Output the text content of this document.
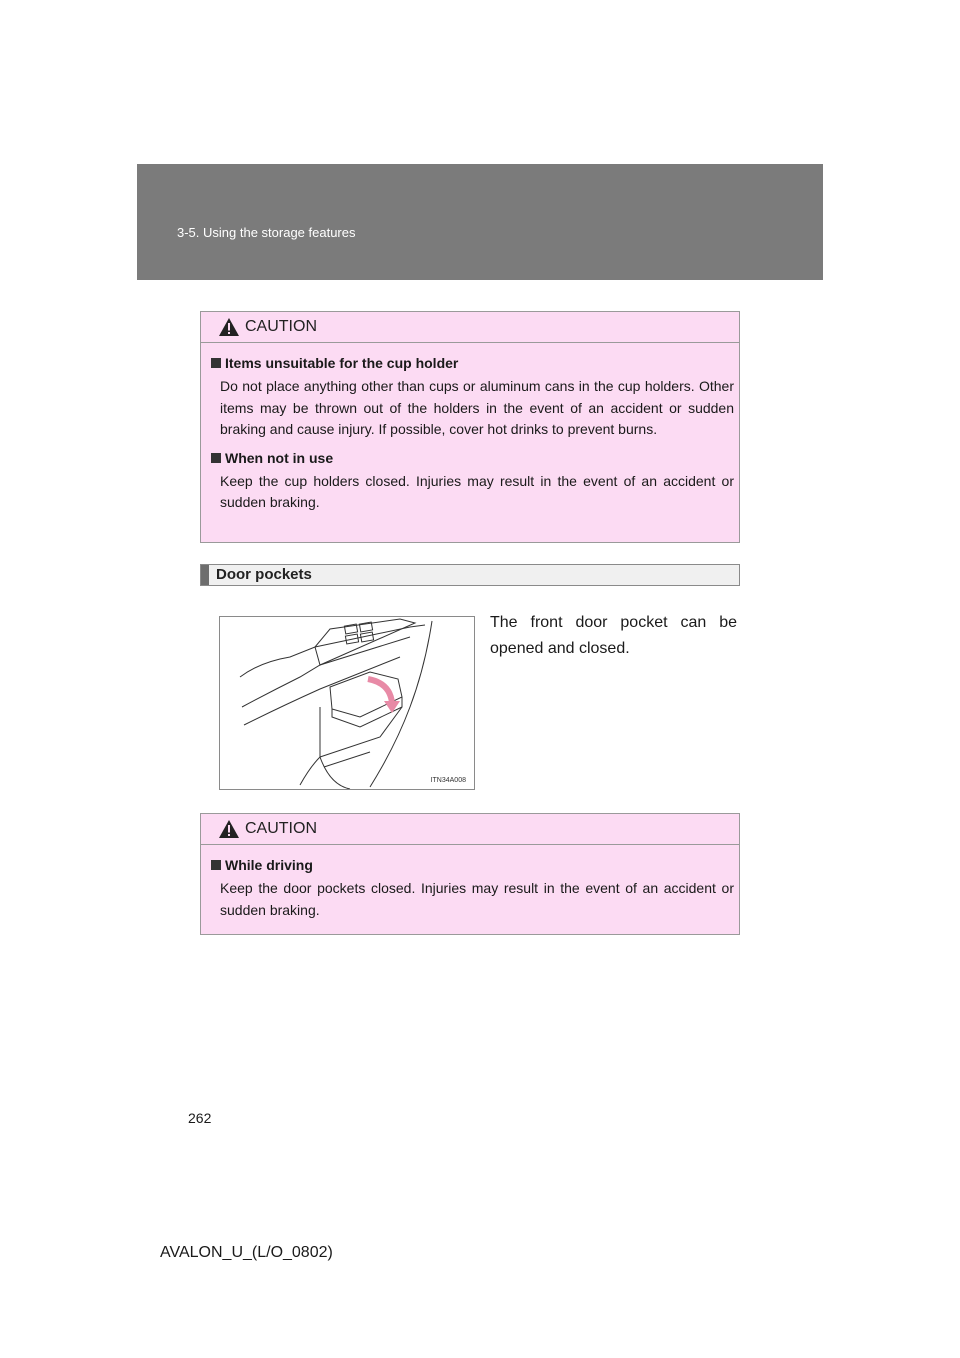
3-5. Using the storage features
CAUTION
Items unsuitable for the cup holder
Do not place anything other than cups or aluminum cans in the cup holders. Other items may be thrown out of the holders in the event of an accident or sudden braking and cause injury. If possible, cover hot drinks to prevent burns.
When not in use
Keep the cup holders closed. Injuries may result in the event of an accident or sudden braking.
Door pockets
ITN34A008
The front door pocket can be opened and closed.
CAUTION
While driving
Keep the door pockets closed. Injuries may result in the event of an accident or sudden braking.
262
AVALON_U_(L/O_0802)
